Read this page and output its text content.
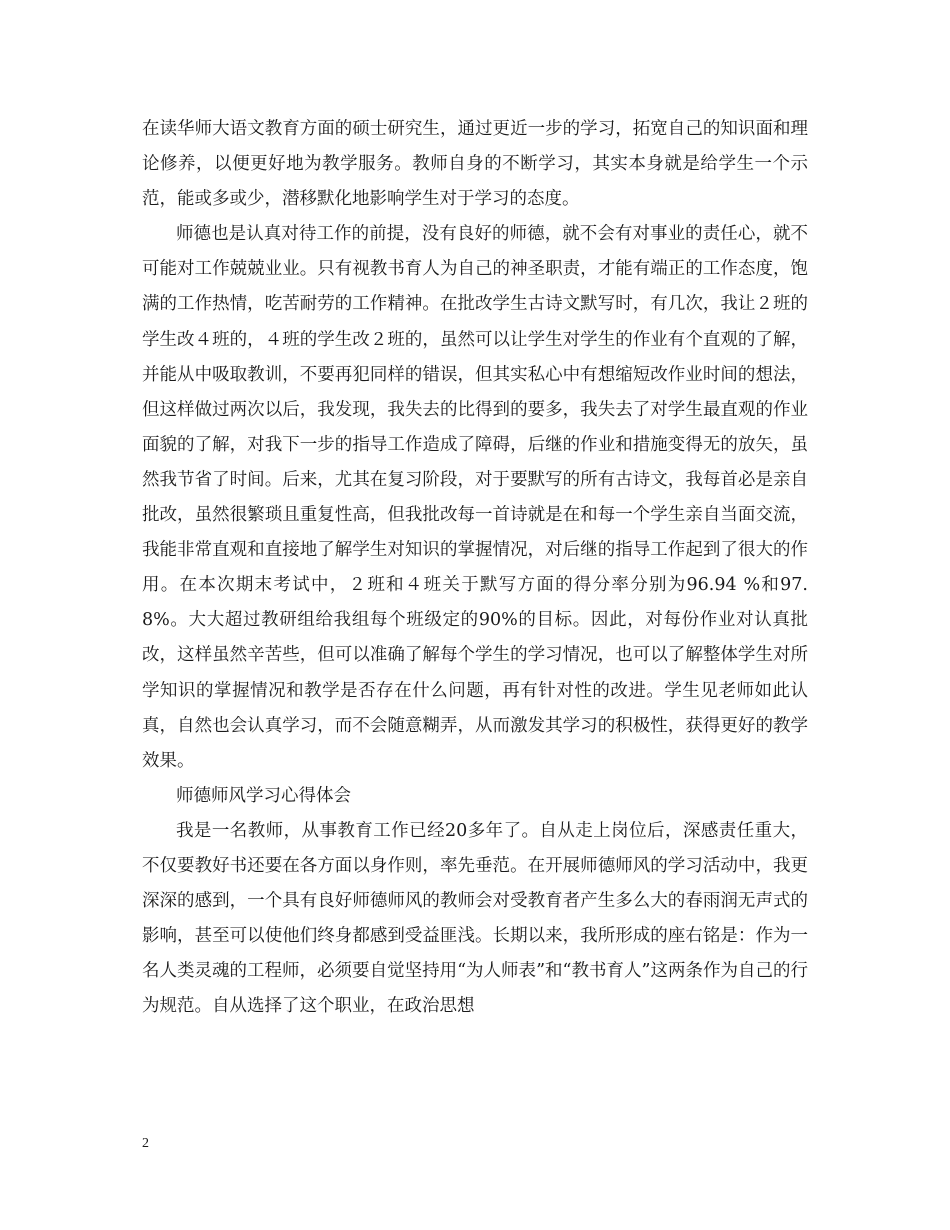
在读华师大语文教育方面的硕士研究生，通过更近一步的学习，拓宽自己的知识面和理论修养，以便更好地为教学服务。教师自身的不断学习，其实本身就是给学生一个示范，能或多或少，潜移默化地影响学生对于学习的态度。

师德也是认真对待工作的前提，没有良好的师德，就不会有对事业的责任心，就不可能对工作兢兢业业。只有视教书育人为自己的神圣职责，才能有端正的工作态度，饱满的工作热情，吃苦耐劳的工作精神。在批改学生古诗文默写时，有几次，我让２班的学生改４班的，４班的学生改２班的，虽然可以让学生对学生的作业有个直观的了解，并能从中吸取教训，不要再犯同样的错误，但其实私心中有想缩短改作业时间的想法，但这样做过两次以后，我发现，我失去的比得到的要多，我失去了对学生最直观的作业面貌的了解，对我下一步的指导工作造成了障碍，后继的作业和措施变得无的放矢，虽然我节省了时间。后来，尤其在复习阶段，对于要默写的所有古诗文，我每首必是亲自批改，虽然很繁琐且重复性高，但我批改每一首诗就是在和每一个学生亲自当面交流，我能非常直观和直接地了解学生对知识的掌握情况，对后继的指导工作起到了很大的作用。在本次期末考试中，２班和４班关于默写方面的得分率分别为96.94 %和97.8%。大大超过教研组给我组每个班级定的90%的目标。因此，对每份作业对认真批改，这样虽然辛苦些，但可以准确了解每个学生的学习情况，也可以了解整体学生对所学知识的掌握情况和教学是否存在什么问题，再有针对性的改进。学生见老师如此认真，自然也会认真学习，而不会随意糊弄，从而激发其学习的积极性，获得更好的教学效果。

师德师风学习心得体会

我是一名教师，从事教育工作已经20多年了。自从走上岗位后，深感责任重大，不仅要教好书还要在各方面以身作则，率先垂范。在开展师德师风的学习活动中，我更深深的感到，一个具有良好师德师风的教师会对受教育者产生多么大的春雨润无声式的影响，甚至可以使他们终身都感到受益匪浅。长期以来，我所形成的座右铭是：作为一名人类灵魂的工程师，必须要自觉坚持用“为人师表”和“教书育人”这两条作为自己的行为规范。自从选择了这个职业，在政治思想

2
